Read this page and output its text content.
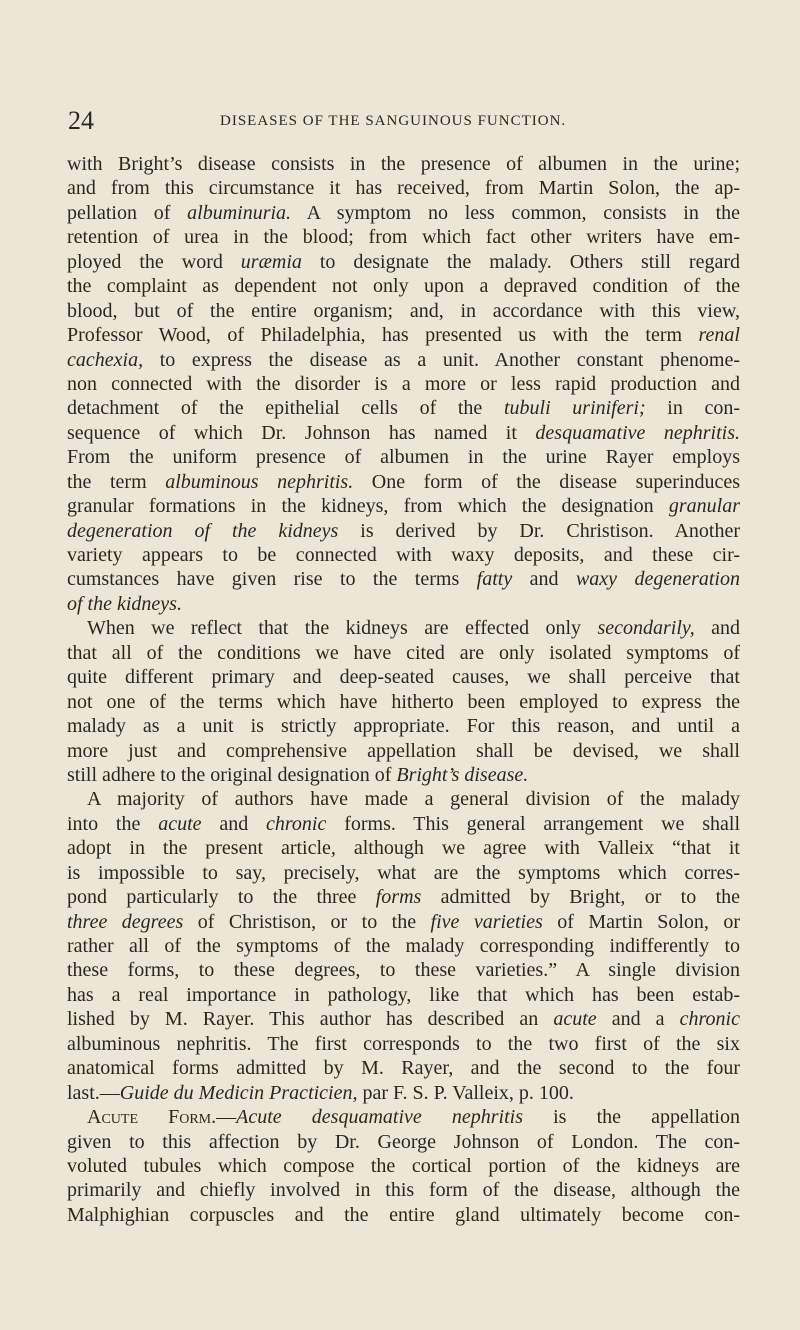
24	DISEASES OF THE SANGUINOUS FUNCTION.
with Bright’s disease consists in the presence of albumen in the urine;
and from this circumstance it has received, from Martin Solon, the ap-
pellation of albuminuria. A symptom no less common, consists in the
retention of urea in the blood; from which fact other writers have em-
ployed the word uræmia to designate the malady. Others still regard
the complaint as dependent not only upon a depraved condition of the
blood, but of the entire organism; and, in accordance with this view,
Professor Wood, of Philadelphia, has presented us with the term renal
cachexia, to express the disease as a unit. Another constant phenome-
non connected with the disorder is a more or less rapid production and
detachment of the epithelial cells of the tubuli uriniferi; in con-
sequence of which Dr. Johnson has named it desquamative nephritis.
From the uniform presence of albumen in the urine Rayer employs
the term albuminous nephritis. One form of the disease superinduces
granular formations in the kidneys, from which the designation granular
degeneration of the kidneys is derived by Dr. Christison. Another
variety appears to be connected with waxy deposits, and these cir-
cumstances have given rise to the terms fatty and waxy degeneration
of the kidneys.
When we reflect that the kidneys are effected only secondarily, and
that all of the conditions we have cited are only isolated symptoms of
quite different primary and deep-seated causes, we shall perceive that
not one of the terms which have hitherto been employed to express the
malady as a unit is strictly appropriate. For this reason, and until a
more just and comprehensive appellation shall be devised, we shall
still adhere to the original designation of Bright’s disease.
A majority of authors have made a general division of the malady
into the acute and chronic forms. This general arrangement we shall
adopt in the present article, although we agree with Valleix “that it
is impossible to say, precisely, what are the symptoms which corres-
pond particularly to the three forms admitted by Bright, or to the
three degrees of Christison, or to the five varieties of Martin Solon, or
rather all of the symptoms of the malady corresponding indifferently to
these forms, to these degrees, to these varieties.” A single division
has a real importance in pathology, like that which has been estab-
lished by M. Rayer. This author has described an acute and a chronic
albuminous nephritis. The first corresponds to the two first of the six
anatomical forms admitted by M. Rayer, and the second to the four
last.—Guide du Medicin Practicien, par F. S. P. Valleix, p. 100.
Acute Form.—Acute desquamative nephritis is the appellation
given to this affection by Dr. George Johnson of London. The con-
voluted tubules which compose the cortical portion of the kidneys are
primarily and chiefly involved in this form of the disease, although the
Malphighian corpuscles and the entire gland ultimately become con-
